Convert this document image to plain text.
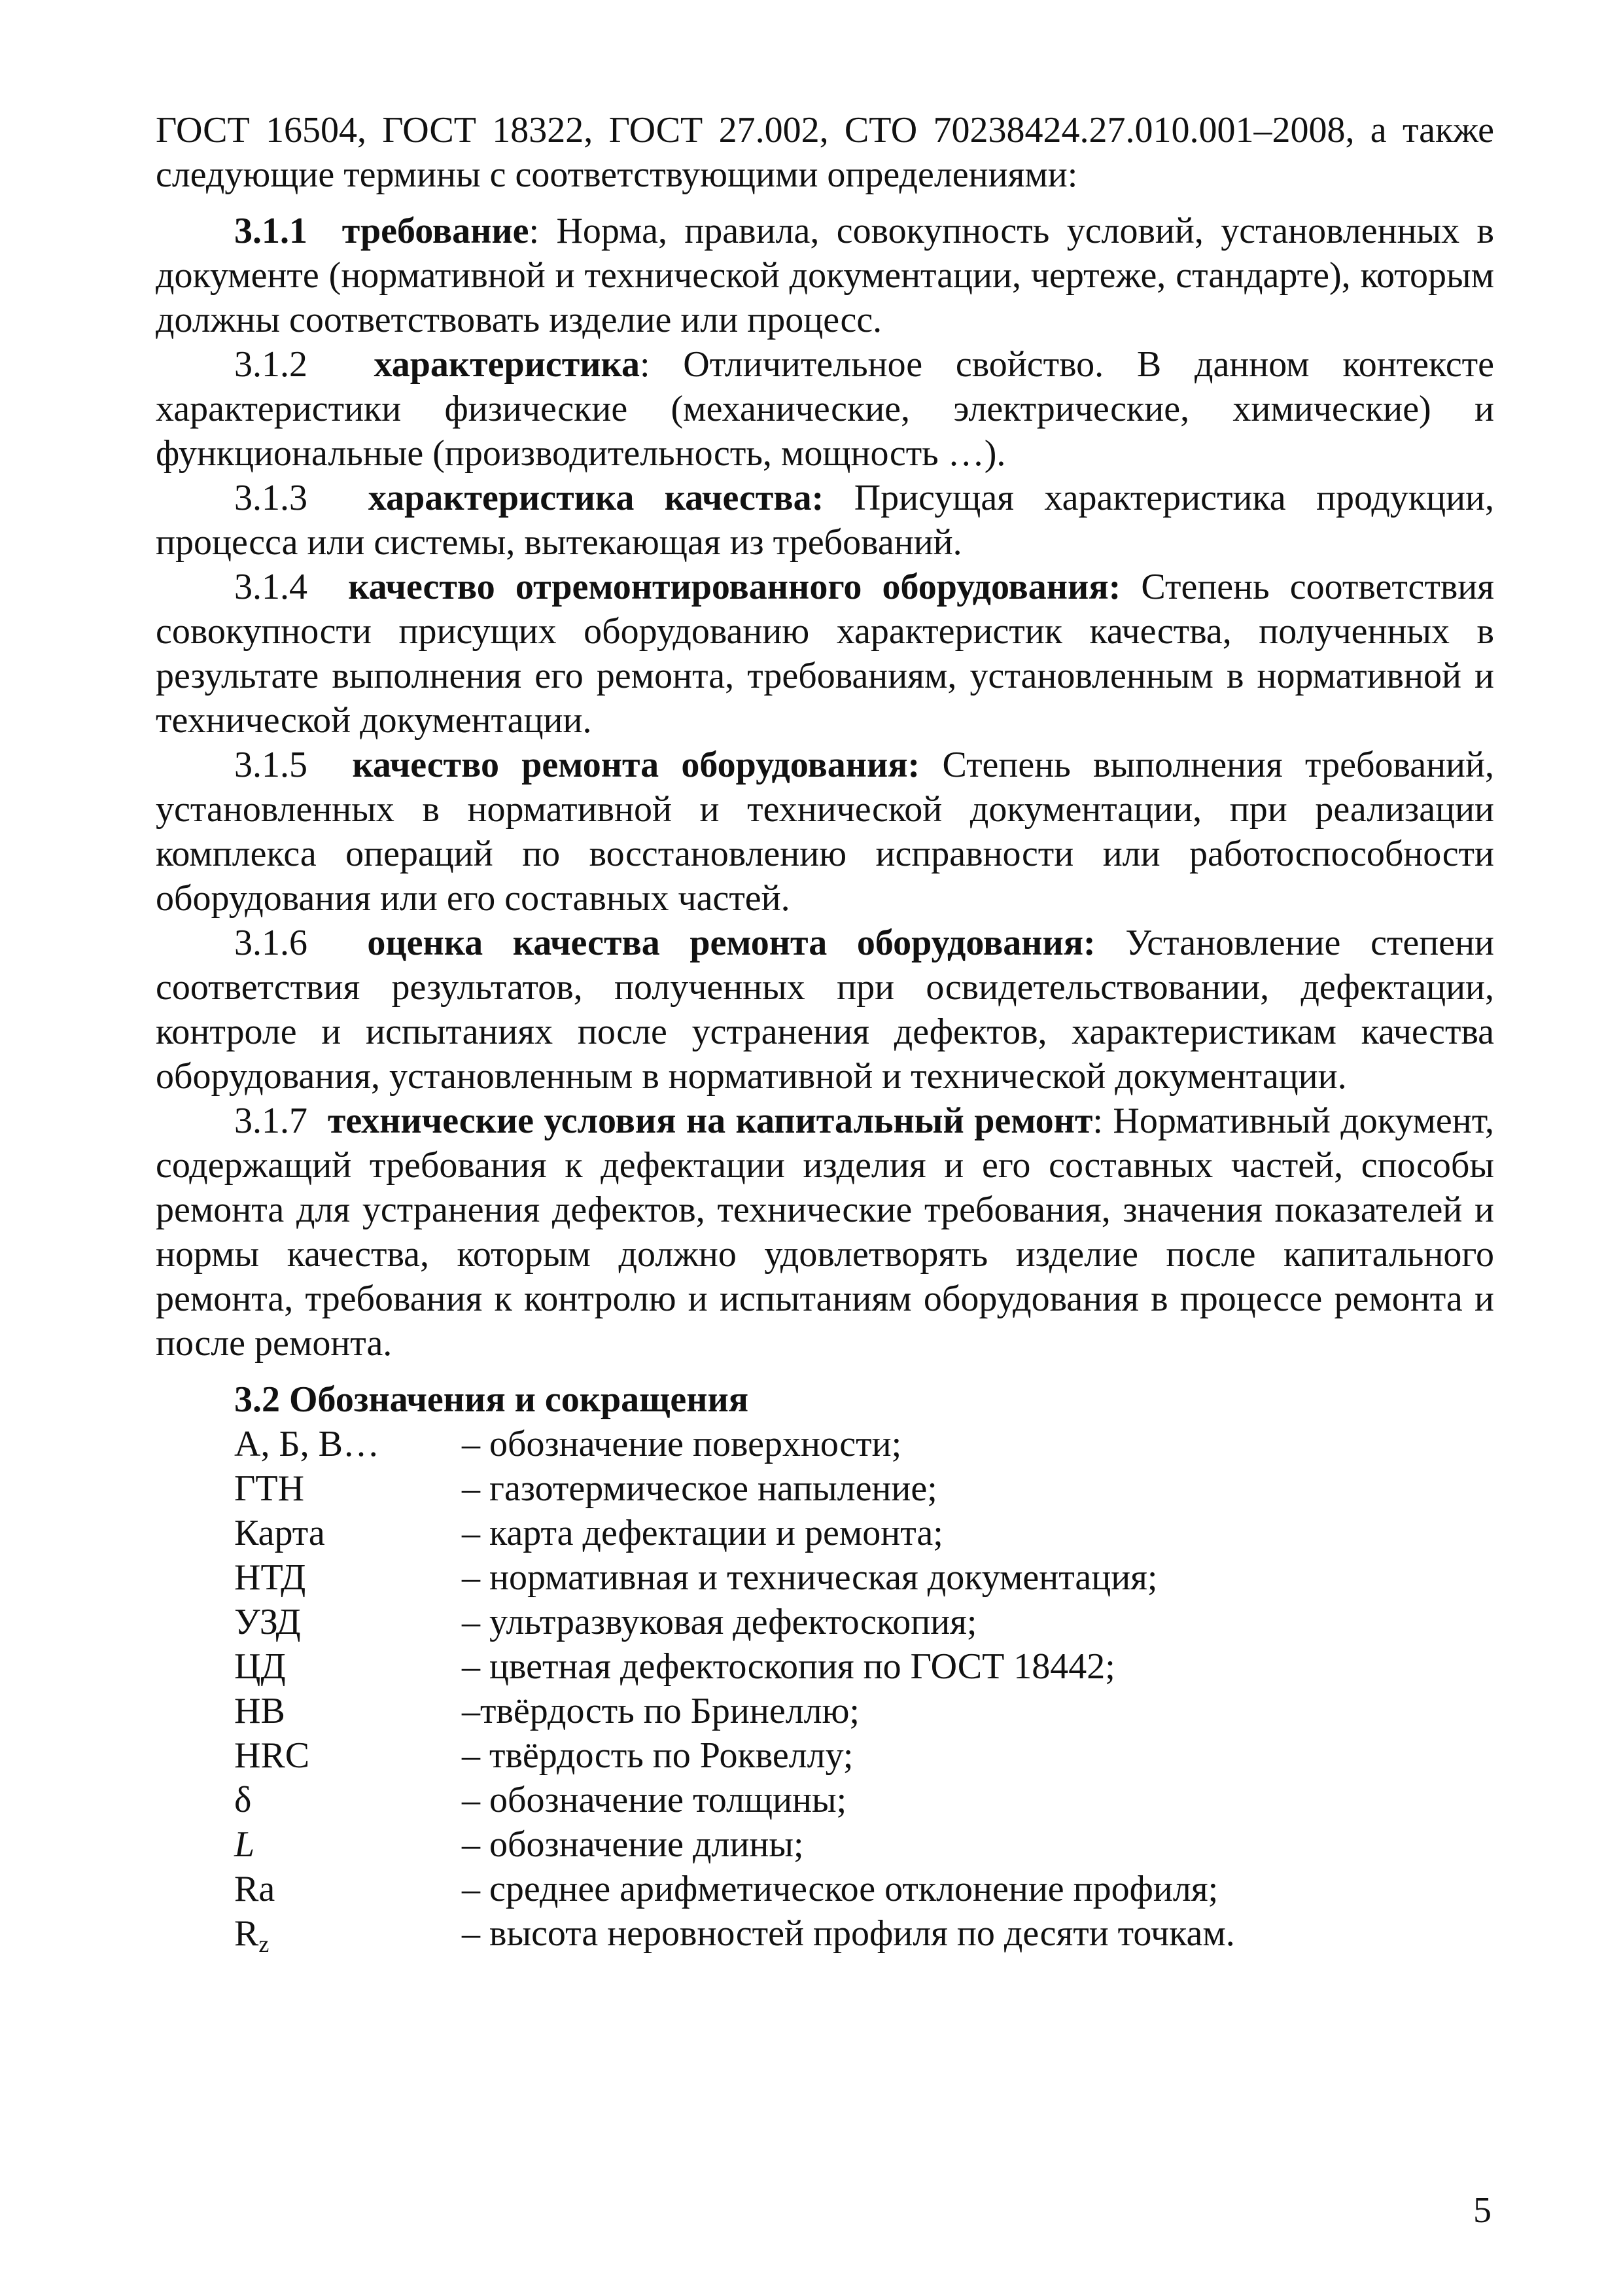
ГОСТ 16504, ГОСТ 18322, ГОСТ 27.002, СТО 70238424.27.010.001–2008, а также следующие термины с соответствующими определениями:

3.1.1 требование: Норма, правила, совокупность условий, установленных в документе (нормативной и технической документации, чертеже, стандарте), которым должны соответствовать изделие или процесс.

3.1.2 характеристика: Отличительное свойство. В данном контексте характеристики физические (механические, электрические, химические) и функциональные (производительность, мощность …).

3.1.3 характеристика качества: Присущая характеристика продукции, процесса или системы, вытекающая из требований.

3.1.4 качество отремонтированного оборудования: Степень соответствия совокупности присущих оборудованию характеристик качества, полученных в результате выполнения его ремонта, требованиям, установленным в нормативной и технической документации.

3.1.5 качество ремонта оборудования: Степень выполнения требований, установленных в нормативной и технической документации, при реализации комплекса операций по восстановлению исправности или работоспособности оборудования или его составных частей.

3.1.6 оценка качества ремонта оборудования: Установление степени соответствия результатов, полученных при освидетельствовании, дефектации, контроле и испытаниях после устранения дефектов, характеристикам качества оборудования, установленным в нормативной и технической документации.

3.1.7 технические условия на капитальный ремонт: Нормативный документ, содержащий требования к дефектации изделия и его составных частей, способы ремонта для устранения дефектов, технические требования, значения показателей и нормы качества, которым должно удовлетворять изделие после капитального ремонта, требования к контролю и испытаниям оборудования в процессе ремонта и после ремонта.

3.2 Обозначения и сокращения

А, Б, В…	– обозначение поверхности;
ГТН	– газотермическое напыление;
Карта	– карта дефектации и ремонта;
НТД	– нормативная и техническая документация;
УЗД	– ультразвуковая дефектоскопия;
ЦД	– цветная дефектоскопия по ГОСТ 18442;
НВ	–твёрдость по Бринеллю;
HRC	– твёрдость по Роквеллу;
δ	– обозначение толщины;
L	– обозначение длины;
Ra	– среднее арифметическое отклонение профиля;
$R_z$	– высота неровностей профиля по десяти точкам.
5
